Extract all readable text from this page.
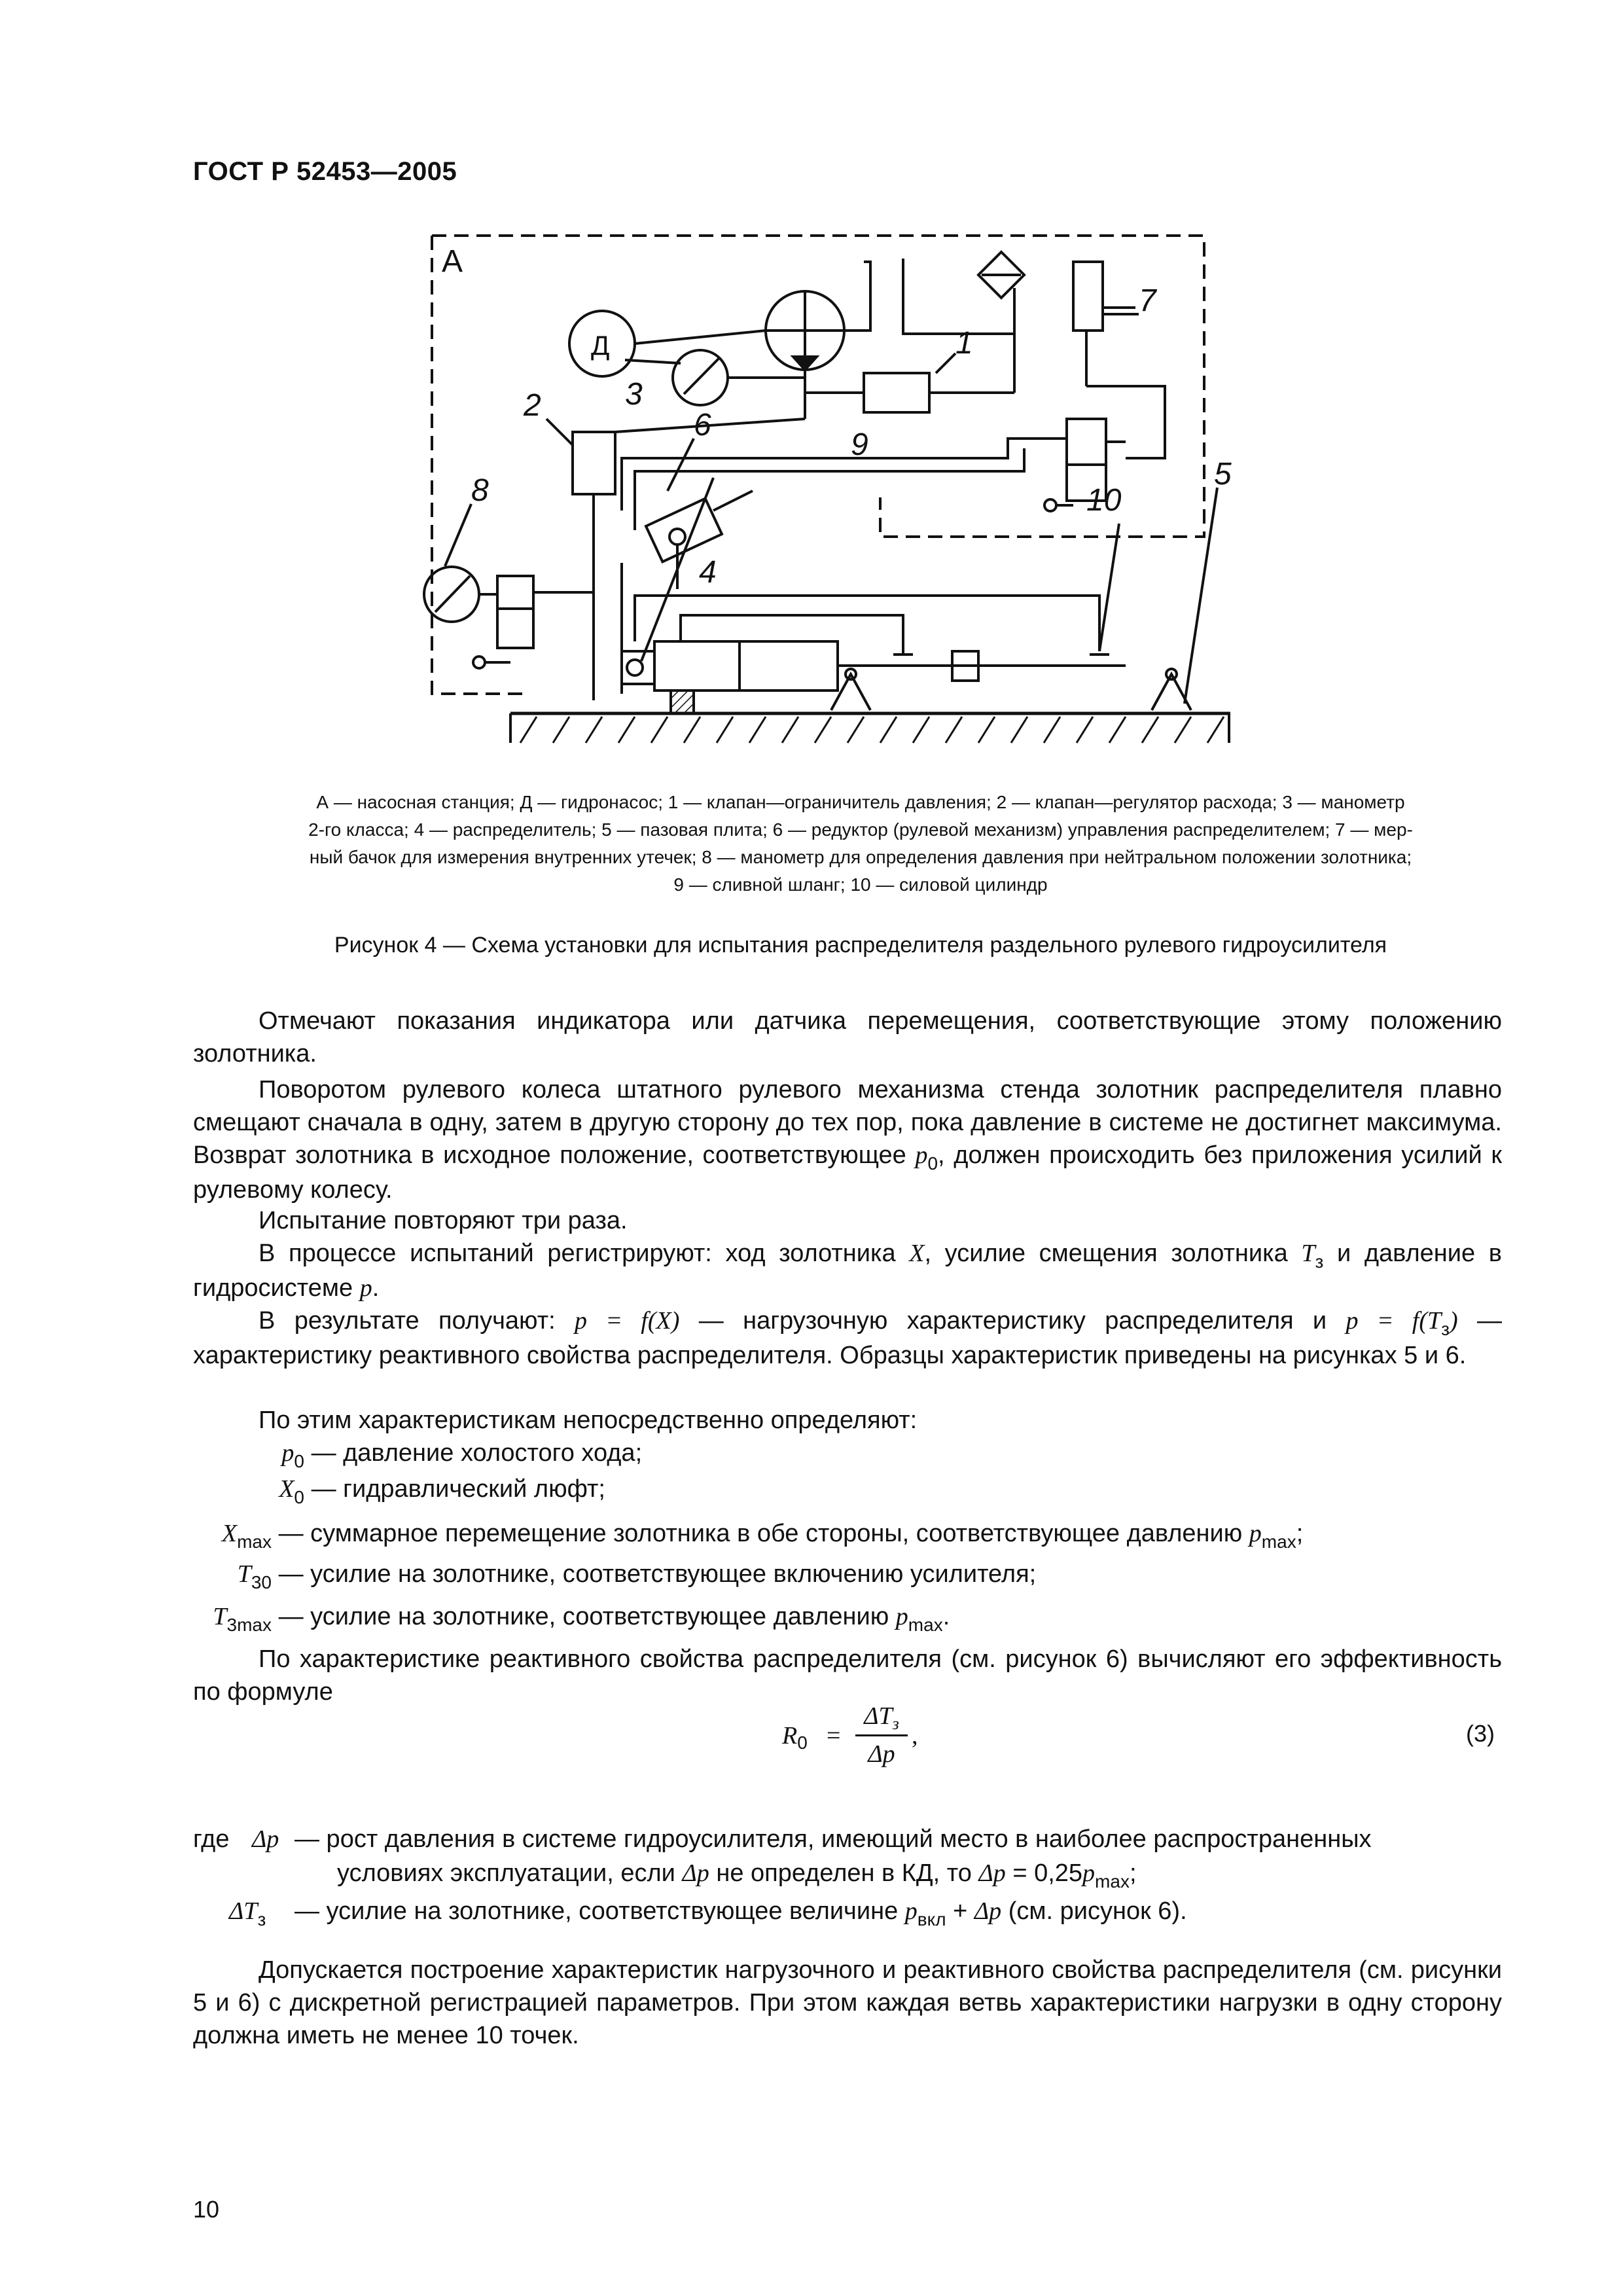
ГОСТ Р 52453—2005
А
Д	1
2	3
4
5
6
7
8
9
10
А — насосная станция; Д — гидронасос; 1 — клапан—ограничитель давления; 2 — клапан—регулятор расхода; 3 — манометр
2-го класса; 4 — распределитель; 5 — пазовая плита; 6 — редуктор (рулевой механизм) управления распределителем; 7 — мер-
ный бачок для измерения внутренних утечек; 8 — манометр для определения давления при нейтральном положении золотника;
9 — сливной шланг; 10 — силовой цилиндр
Рисунок 4 — Схема установки для испытания распределителя раздельного рулевого гидроусилителя
Отмечают показания индикатора или датчика перемещения, соответствующие этому положению золотника.
Поворотом рулевого колеса штатного рулевого механизма стенда золотник распределителя плавно смещают сначала в одну, затем в другую сторону до тех пор, пока давление в системе не достигнет максимума. Возврат золотника в исходное положение, соответствующее $p_0$, должен происходить без приложения усилий к рулевому колесу.
Испытание повторяют три раза.
В процессе испытаний регистрируют: ход золотника X, усилие смещения золотника $T_з$ и давление в гидросистеме p.
В результате получают: p = f(X) — нагрузочную характеристику распределителя и $p = f(T_з)$ — характеристику реактивного свойства распределителя. Образцы характеристик приведены на рисунках 5 и 6.
По этим характеристикам непосредственно определяют:
$p_0$ — давление холостого хода;
$X_0$ — гидравлический люфт;
$X_{max}$ — суммарное перемещение золотника в обе стороны, соответствующее давлению $p_{max}$;
$T_{30}$ — усилие на золотнике, соответствующее включению усилителя;
$T_{3max}$ — усилие на золотнике, соответствующее давлению $p_{max}$.
По характеристике реактивного свойства распределителя (см. рисунок 6) вычисляют его эффективность по формуле
$R_0$ =
$\Delta T_з$
Δp
,	(3)
где Δp — рост давления в системе гидроусилителя, имеющий место в наиболее распространенных
условиях эксплуатации, если Δp не определен в КД, то $\Delta p = 0,25p_{max}$;
$\Delta T_з$ — усилие на золотнике, соответствующее величине $p_{вкл} + \Delta p$ (см. рисунок 6).
Допускается построение характеристик нагрузочного и реактивного свойства распределителя (см. рисунки 5 и 6) с дискретной регистрацией параметров. При этом каждая ветвь характеристики нагрузки в одну сторону должна иметь не менее 10 точек.
10
